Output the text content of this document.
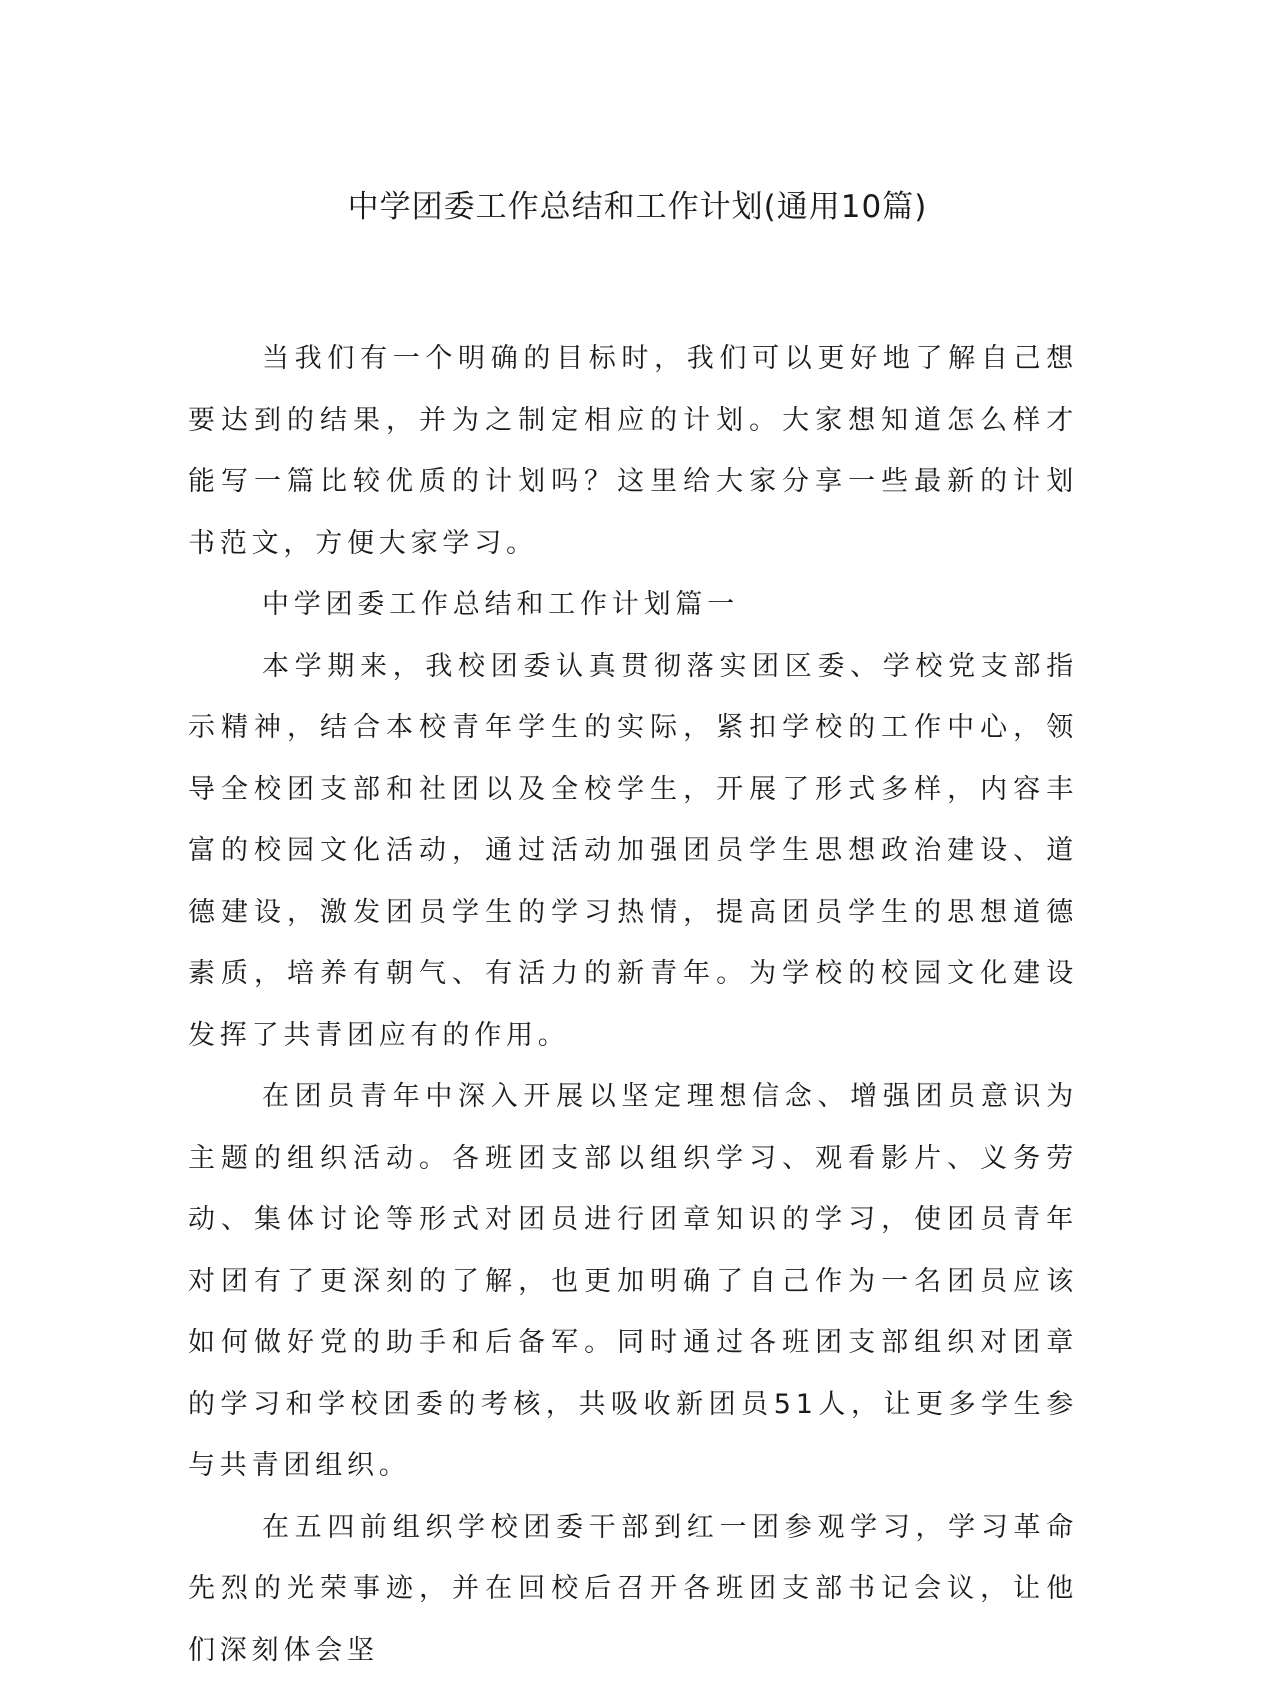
中学团委工作总结和工作计划(通用10篇)

当我们有一个明确的目标时，我们可以更好地了解自己想要达到的结果，并为之制定相应的计划。大家想知道怎么样才能写一篇比较优质的计划吗？这里给大家分享一些最新的计划书范文，方便大家学习。

中学团委工作总结和工作计划篇一

本学期来，我校团委认真贯彻落实团区委、学校党支部指示精神，结合本校青年学生的实际，紧扣学校的工作中心，领导全校团支部和社团以及全校学生，开展了形式多样，内容丰富的校园文化活动，通过活动加强团员学生思想政治建设、道德建设，激发团员学生的学习热情，提高团员学生的思想道德素质，培养有朝气、有活力的新青年。为学校的校园文化建设发挥了共青团应有的作用。

在团员青年中深入开展以坚定理想信念、增强团员意识为主题的组织活动。各班团支部以组织学习、观看影片、义务劳动、集体讨论等形式对团员进行团章知识的学习，使团员青年对团有了更深刻的了解，也更加明确了自己作为一名团员应该如何做好党的助手和后备军。同时通过各班团支部组织对团章的学习和学校团委的考核，共吸收新团员51人，让更多学生参与共青团组织。

在五四前组织学校团委干部到红一团参观学习，学习革命先烈的光荣事迹，并在回校后召开各班团支部书记会议，让他们深刻体会坚
